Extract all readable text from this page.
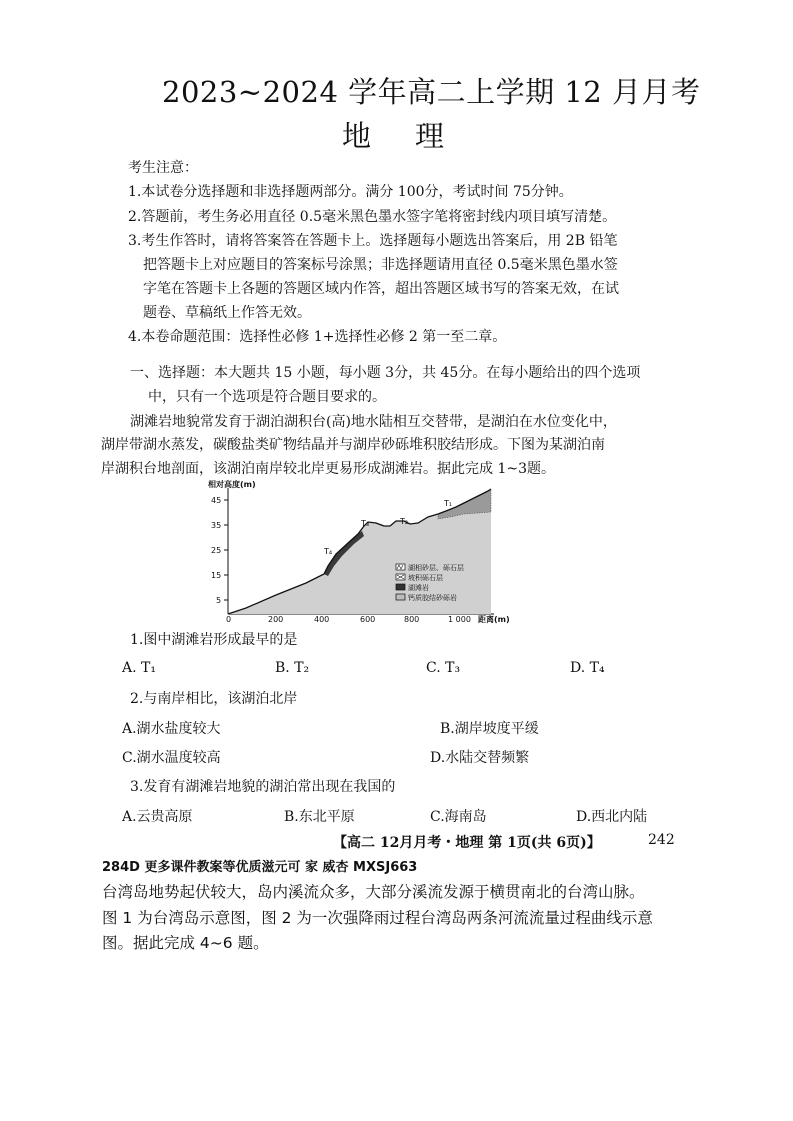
2023~2024 学年高二上学期 12 月月考
地理
考生注意：
1.本试卷分选择题和非选择题两部分。满分 100分，考试时间 75分钟。
2.答题前，考生务必用直径 0.5毫米黑色墨水签字笔将密封线内项目填写清楚。
3.考生作答时，请将答案答在答题卡上。选择题每小题选出答案后，用 2B 铅笔
把答题卡上对应题目的答案标号涂黑；非选择题请用直径 0.5毫米黑色墨水签
字笔在答题卡上各题的答题区域内作答，超出答题区域书写的答案无效，在试
题卷、草稿纸上作答无效。
4.本卷命题范围：选择性必修 1+选择性必修 2 第一至二章。
一、选择题：本大题共 15 小题，每小题 3分，共 45分。在每小题给出的四个选项
中，只有一个选项是符合题目要求的。
湖滩岩地貌常发育于湖泊湖积台(高)地水陆相互交替带，是湖泊在水位变化中，
湖岸带湖水蒸发，碳酸盐类矿物结晶并与湖岸砂砾堆积胶结形成。下图为某湖泊南
岸湖积台地剖面，该湖泊南岸较北岸更易形成湖滩岩。据此完成 1~3题。
相对高度(m)
45
35
25
15
5
0	200	400	600	800	1 000 距离(m)
T₄
T₃	T₂
T₁
湖相砂层、砾石层
坡积砾石层
湖滩岩
钙质胶结砂砾岩
1.图中湖滩岩形成最早的是
A. T₁	B. T₂	C. T₃	D. T₄
2.与南岸相比，该湖泊北岸
A.湖水盐度较大	B.湖岸坡度平缓
C.湖水温度较高	D.水陆交替频繁
3.发育有湖滩岩地貌的湖泊常出现在我国的
A.云贵高原	B.东北平原	C.海南岛	D.西北内陆
【高二 12月月考・地理 第 1页(共 6页)】	242
284D 更多课件教案等优质滋元可 家 威杏 MXSJ663
台湾岛地势起伏较大，岛内溪流众多，大部分溪流发源于横贯南北的台湾山脉。
图 1 为台湾岛示意图，图 2 为一次强降雨过程台湾岛两条河流流量过程曲线示意
图。据此完成 4~6 题。
